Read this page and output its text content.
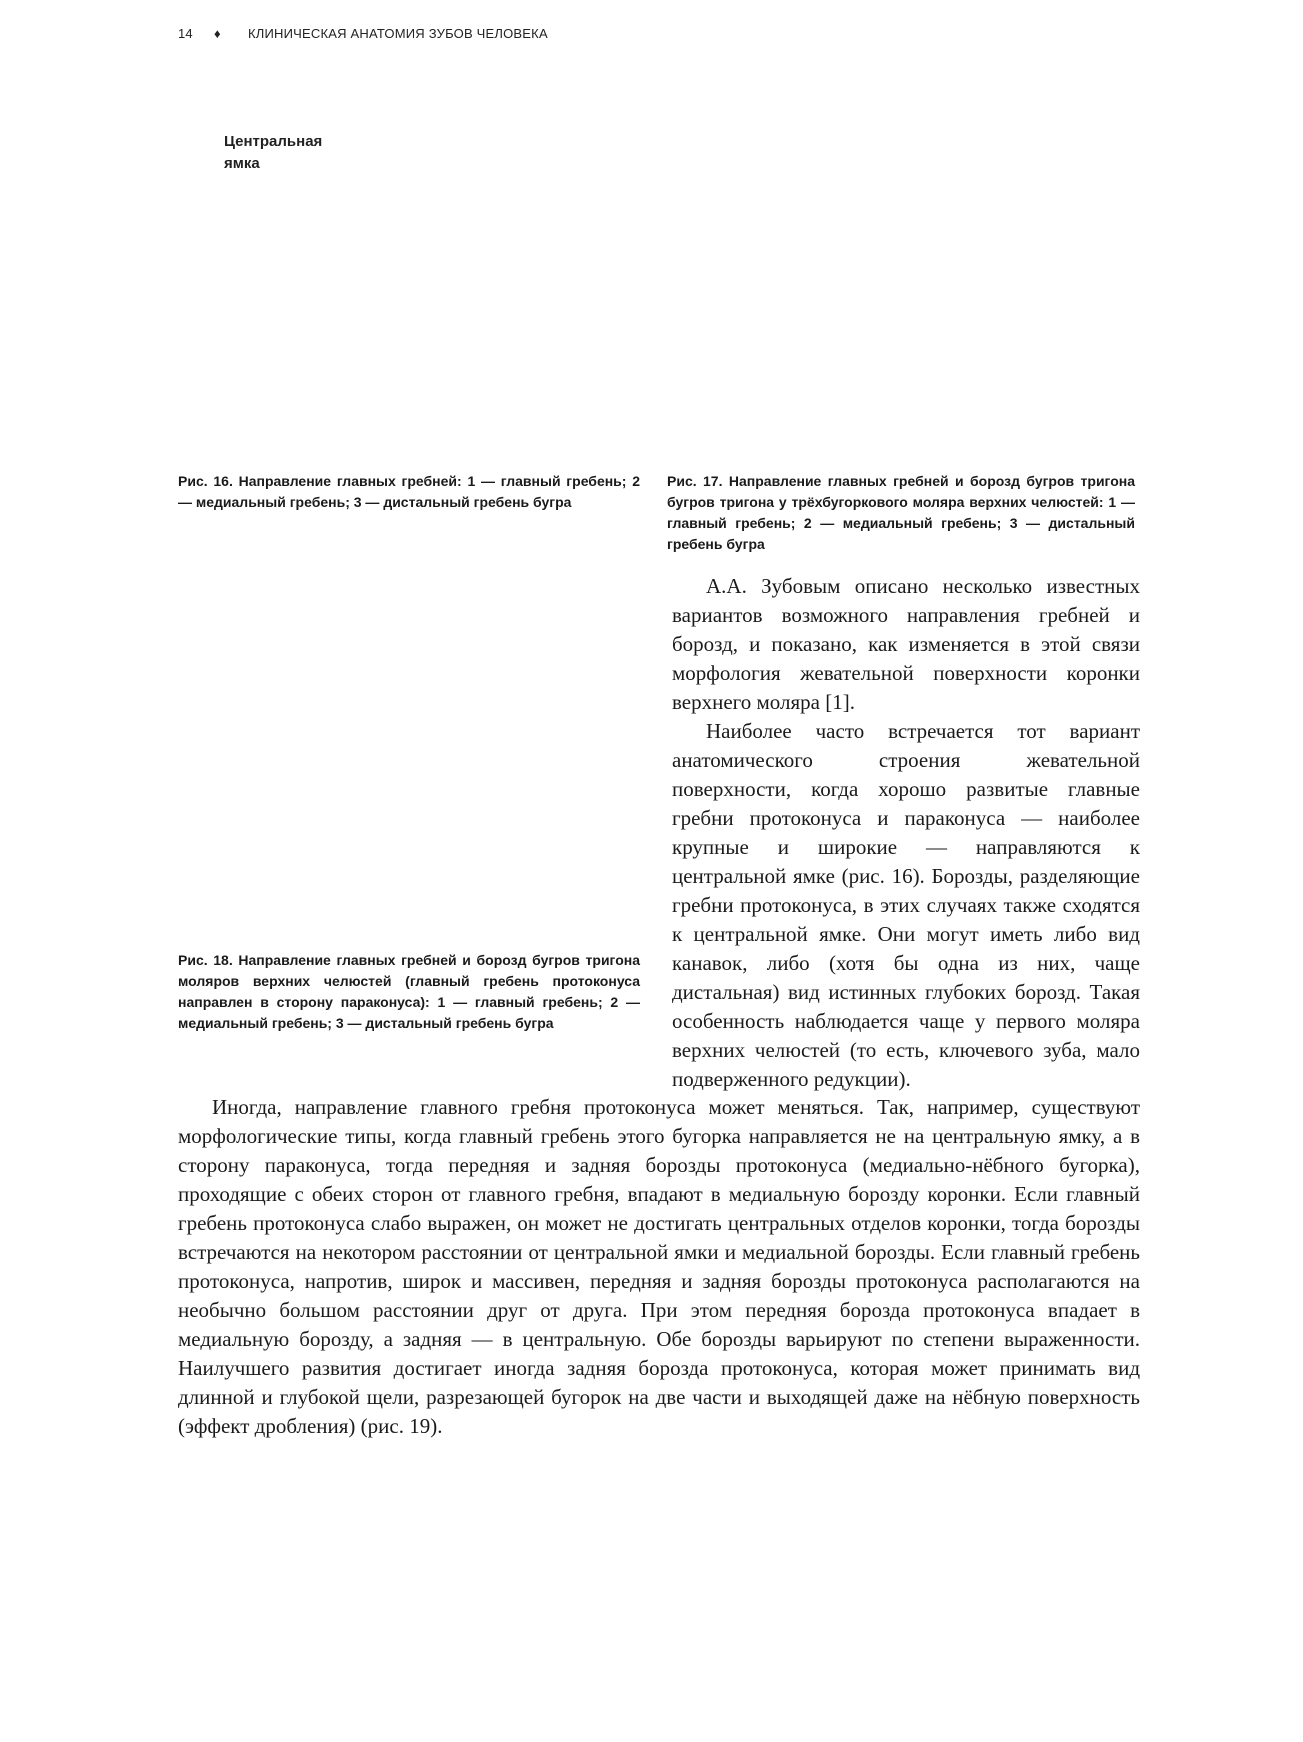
14 ♦ КЛИНИЧЕСКАЯ АНАТОМИЯ ЗУБОВ ЧЕЛОВЕКА
Центральная
ямка
Рис. 16. Направление главных гребней: 1 — главный гребень; 2 — медиальный гребень; 3 — дистальный гребень бугра
Рис. 17. Направление главных гребней и борозд бугров тригона бугров тригона у трёхбугоркового моляра верхних челюстей: 1 — главный гребень; 2 — медиальный гребень; 3 — дистальный гребень бугра
Рис. 18. Направление главных гребней и борозд бугров тригона моляров верхних челюстей (главный гребень протоконуса направлен в сторону параконуса): 1 — главный гребень; 2 — медиальный гребень; 3 — дистальный гребень бугра

А.А. Зубовым описано несколько известных вариантов возможного направления гребней и борозд, и показано, как изменяется в этой связи морфология жевательной поверхности коронки верхнего моляра [1].

Наиболее часто встречается тот вариант анатомического строения жевательной поверхности, когда хорошо развитые главные гребни протоконуса и параконуса — наиболее крупные и широкие — направляются к центральной ямке (рис. 16). Борозды, разделяющие гребни протоконуса, в этих случаях также сходятся к центральной ямке. Они могут иметь либо вид канавок, либо (хотя бы одна из них, чаще дистальная) вид истинных глубоких борозд. Такая особенность наблюдается чаще у первого моляра верхних челюстей (то есть, ключевого зуба, мало подверженного редукции).

Иногда, направление главного гребня протоконуса может меняться. Так, например, существуют морфологические типы, когда главный гребень этого бугорка направляется не на центральную ямку, а в сторону параконуса, тогда передняя и задняя борозды протоконуса (медиально-нёбного бугорка), проходящие с обеих сторон от главного гребня, впадают в медиальную борозду коронки. Если главный гребень протоконуса слабо выражен, он может не достигать центральных отделов коронки, тогда борозды встречаются на некотором расстоянии от центральной ямки и медиальной борозды. Если главный гребень протоконуса, напротив, широк и массивен, передняя и задняя борозды протоконуса располагаются на необычно большом расстоянии друг от друга. При этом передняя борозда протоконуса впадает в медиальную борозду, а задняя — в центральную. Обе борозды варьируют по степени выраженности. Наилучшего развития достигает иногда задняя борозда протоконуса, которая может принимать вид длинной и глубокой щели, разрезающей бугорок на две части и выходящей даже на нёбную поверхность (эффект дробления) (рис. 19).
